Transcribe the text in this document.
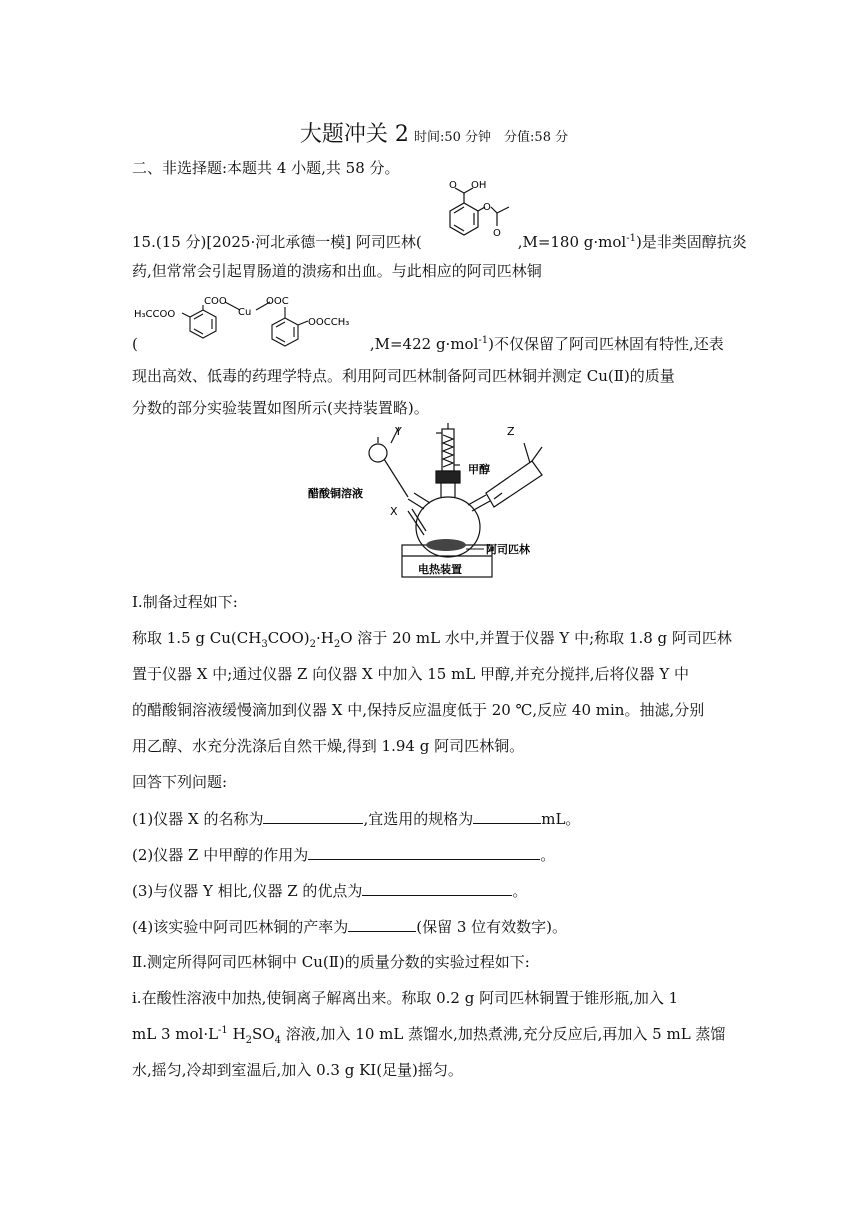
大题冲关 2 时间:50 分钟　分值:58 分
二、非选择题:本题共 4 小题,共 58 分。
O OH
O
O
15.(15 分)[2025·河北承德一模] 阿司匹林(	,M=180 g·mol$^{-1}$)是非类固醇抗炎
药,但常常会引起胃肠道的溃疡和出血。与此相应的阿司匹林铜
H₃CCOO
COO
Cu
OOC
OOCCH₃
(	,M=422 g·mol$^{-1}$)不仅保留了阿司匹林固有特性,还表
现出高效、低毒的药理学特点。利用阿司匹林制备阿司匹林铜并测定 Cu(Ⅱ)的质量
分数的部分实验装置如图所示(夹持装置略)。
Y	Z
X
醋酸铜溶液
甲醇
阿司匹林
电热装置
Ⅰ.制备过程如下:
称取 1.5 g $Cu(CH_3COO)_2\cdot H_2O$ 溶于 20 mL 水中,并置于仪器 Y 中;称取 1.8 g 阿司匹林
置于仪器 X 中;通过仪器 Z 向仪器 X 中加入 15 mL 甲醇,并充分搅拌,后将仪器 Y 中
的醋酸铜溶液缓慢滴加到仪器 X 中,保持反应温度低于 20 ℃,反应 40 min。抽滤,分别
用乙醇、水充分洗涤后自然干燥,得到 1.94 g 阿司匹林铜。
回答下列问题:
(1)仪器 X 的名称为	,宜选用的规格为	mL。
(2)仪器 Z 中甲醇的作用为	。
(3)与仪器 Y 相比,仪器 Z 的优点为	。
(4)该实验中阿司匹林铜的产率为	(保留 3 位有效数字)。
Ⅱ.测定所得阿司匹林铜中 Cu(Ⅱ)的质量分数的实验过程如下:
ⅰ.在酸性溶液中加热,使铜离子解离出来。称取 0.2 g 阿司匹林铜置于锥形瓶,加入 1
mL 3 $mol\cdot L^{-1}$ $H_2SO_4$ 溶液,加入 10 mL 蒸馏水,加热煮沸,充分反应后,再加入 5 mL 蒸馏
水,摇匀,冷却到室温后,加入 0.3 g KI(足量)摇匀。
